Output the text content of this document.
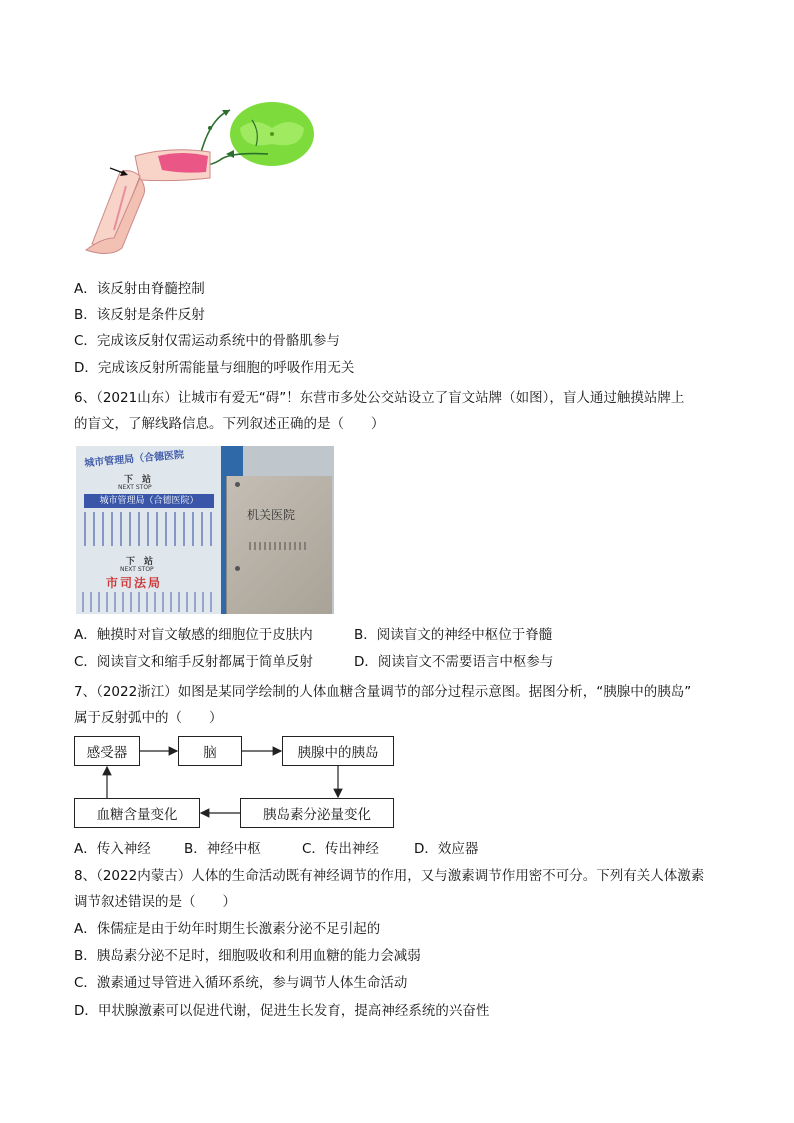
A．该反射由脊髓控制
B．该反射是条件反射
C．完成该反射仅需运动系统中的骨骼肌参与
D．完成该反射所需能量与细胞的呼吸作用无关
6、（2021山东）让城市有爱无“碍”！东营市多处公交站设立了盲文站牌（如图），盲人通过触摸站牌上
的盲文，了解线路信息。下列叙述正确的是（　　）
城市管理局（合德医院
下　站
NEXT STOP
城市管理局（合德医院）
下　站
NEXT STOP
市司法局
机关医院
A．触摸时对盲文敏感的细胞位于皮肤内	B．阅读盲文的神经中枢位于脊髓
C．阅读盲文和缩手反射都属于简单反射	D．阅读盲文不需要语言中枢参与
7、（2022浙江）如图是某同学绘制的人体血糖含量调节的部分过程示意图。据图分析，“胰腺中的胰岛”
属于反射弧中的（　　）
感受器	脑	胰腺中的胰岛
胰岛素分泌量变化
血糖含量变化
A．传入神经 B．神经中枢	C．传出神经	D．效应器
8、（2022内蒙古）人体的生命活动既有神经调节的作用，又与激素调节作用密不可分。下列有关人体激素
调节叙述错误的是（　　）
A．侏儒症是由于幼年时期生长激素分泌不足引起的
B．胰岛素分泌不足时，细胞吸收和利用血糖的能力会减弱
C．激素通过导管进入循环系统，参与调节人体生命活动
D．甲状腺激素可以促进代谢，促进生长发育，提高神经系统的兴奋性
